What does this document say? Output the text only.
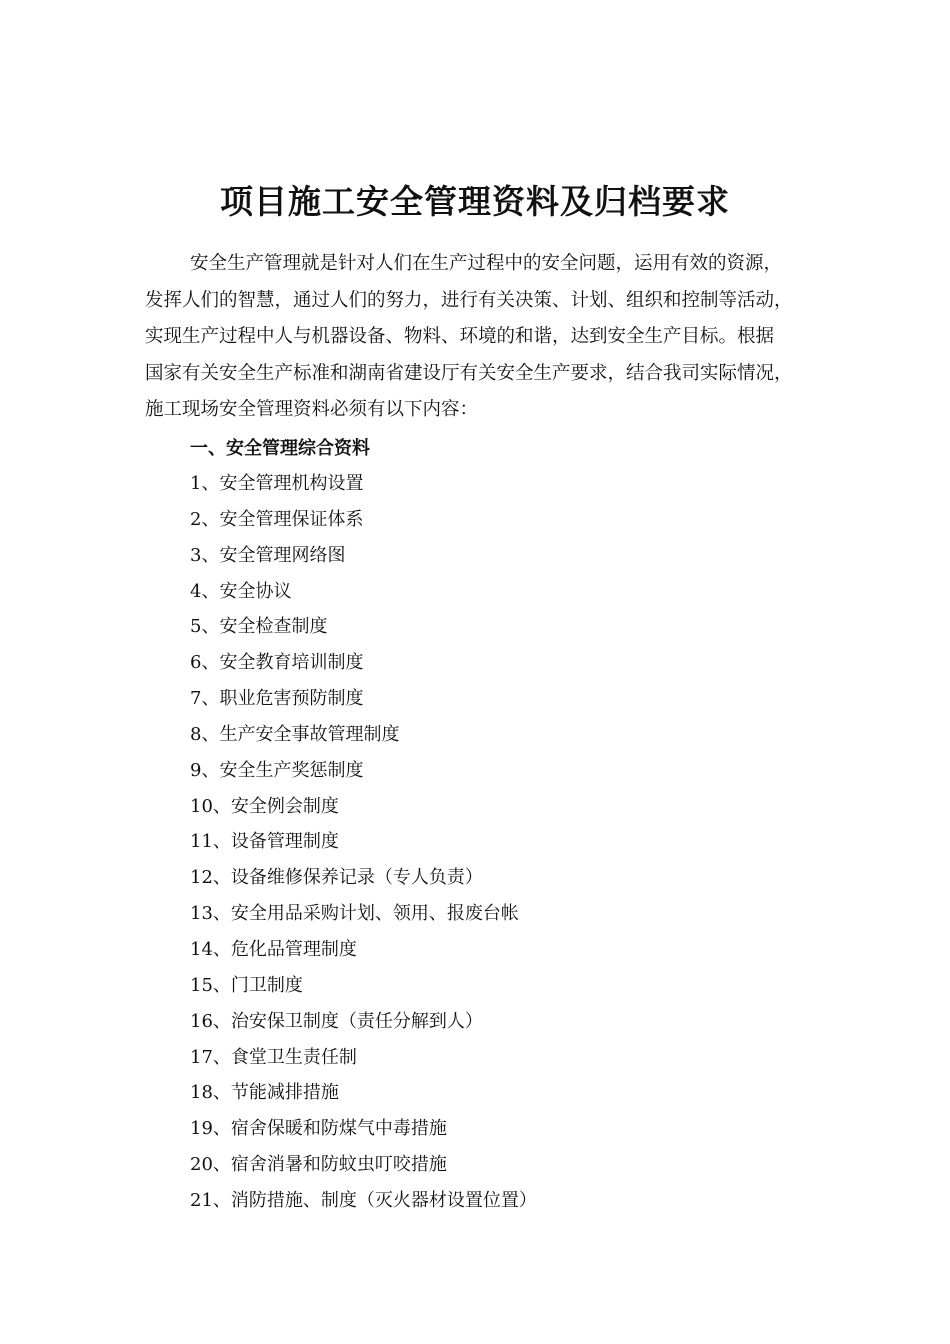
项目施工安全管理资料及归档要求

安全生产管理就是针对人们在生产过程中的安全问题，运用有效的资源，

发挥人们的智慧，通过人们的努力，进行有关决策、计划、组织和控制等活动，

实现生产过程中人与机器设备、物料、环境的和谐，达到安全生产目标。根据

国家有关安全生产标准和湖南省建设厅有关安全生产要求，结合我司实际情况，

施工现场安全管理资料必须有以下内容：

一、安全管理综合资料
1、安全管理机构设置
2、安全管理保证体系
3、安全管理网络图
4、安全协议
5、安全检查制度
6、安全教育培训制度
7、职业危害预防制度
8、生产安全事故管理制度
9、安全生产奖惩制度
10、安全例会制度
11、设备管理制度
12、设备维修保养记录（专人负责）
13、安全用品采购计划、领用、报废台帐
14、危化品管理制度
15、门卫制度
16、治安保卫制度（责任分解到人）
17、食堂卫生责任制
18、节能减排措施
19、宿舍保暖和防煤气中毒措施
20、宿舍消暑和防蚊虫叮咬措施
21、消防措施、制度（灭火器材设置位置）
